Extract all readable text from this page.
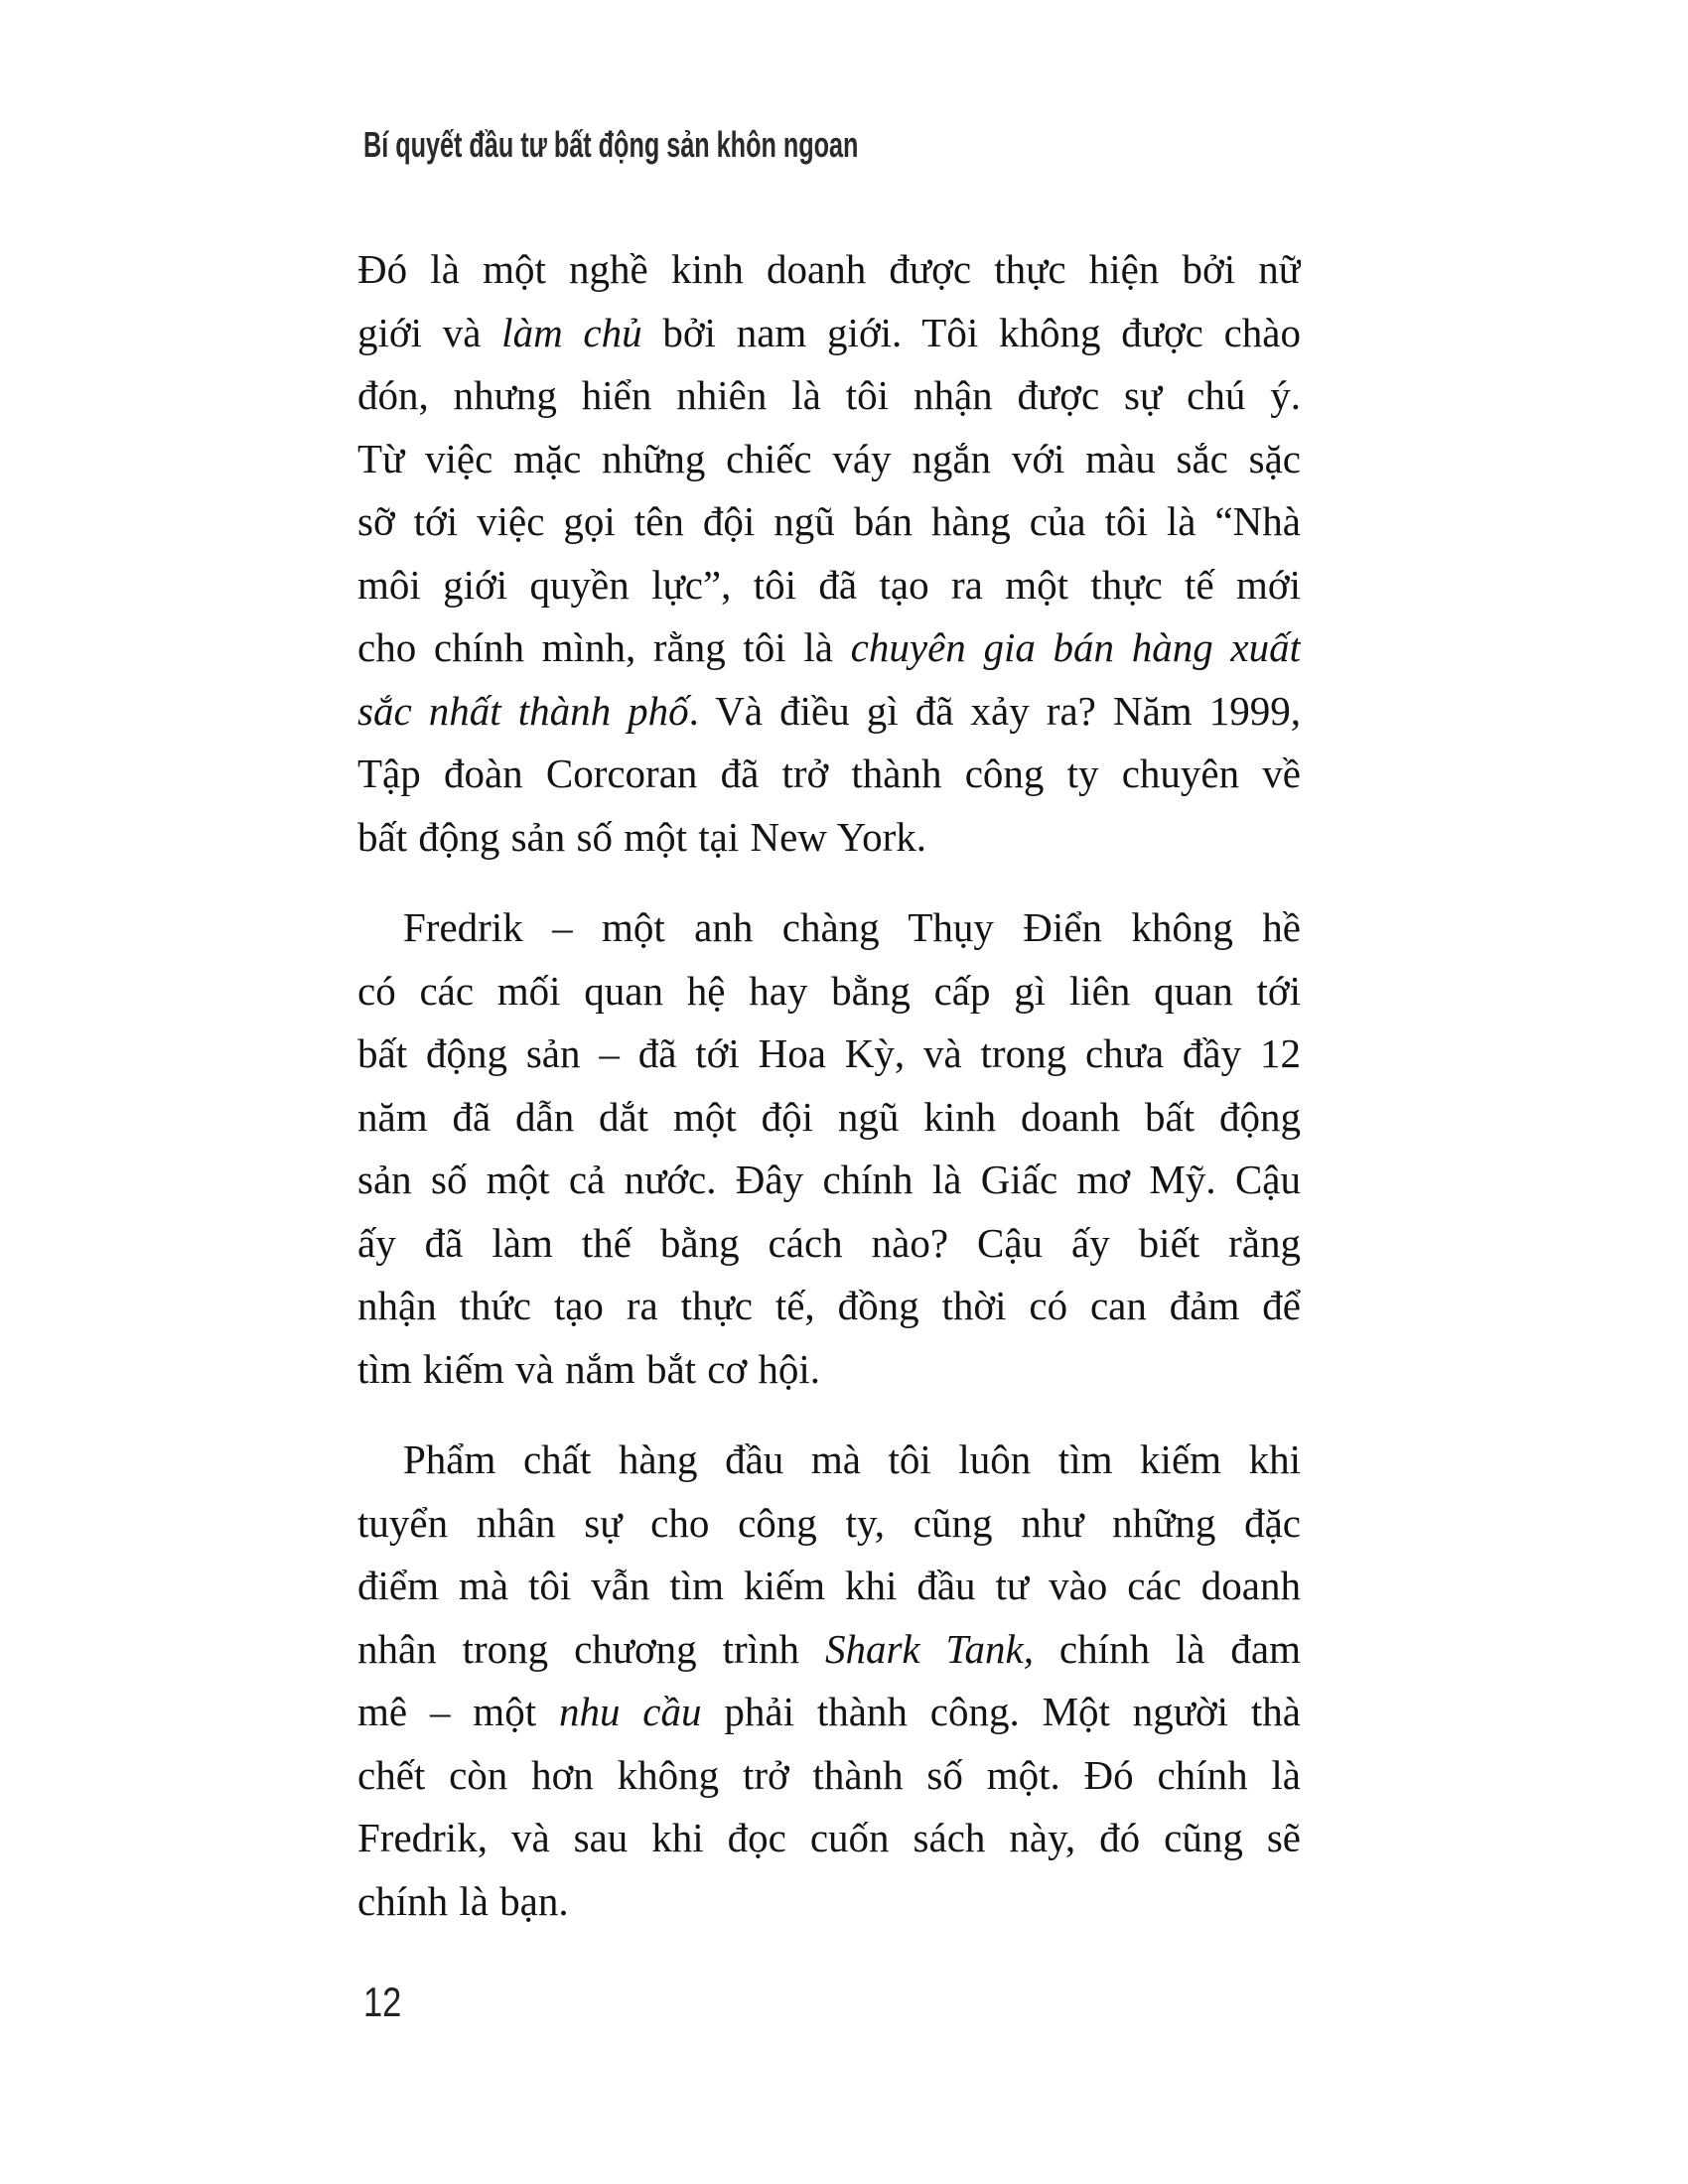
Bí quyết đầu tư bất động sản khôn ngoan
Đó là một nghề kinh doanh được thực hiện bởi nữ
giới và làm chủ bởi nam giới. Tôi không được chào
đón, nhưng hiển nhiên là tôi nhận được sự chú ý.
Từ việc mặc những chiếc váy ngắn với màu sắc sặc
sỡ tới việc gọi tên đội ngũ bán hàng của tôi là “Nhà
môi giới quyền lực”, tôi đã tạo ra một thực tế mới
cho chính mình, rằng tôi là chuyên gia bán hàng xuất
sắc nhất thành phố. Và điều gì đã xảy ra? Năm 1999,
Tập đoàn Corcoran đã trở thành công ty chuyên về
bất động sản số một tại New York.
Fredrik – một anh chàng Thụy Điển không hề
có các mối quan hệ hay bằng cấp gì liên quan tới
bất động sản – đã tới Hoa Kỳ, và trong chưa đầy 12
năm đã dẫn dắt một đội ngũ kinh doanh bất động
sản số một cả nước. Đây chính là Giấc mơ Mỹ. Cậu
ấy đã làm thế bằng cách nào? Cậu ấy biết rằng
nhận thức tạo ra thực tế, đồng thời có can đảm để
tìm kiếm và nắm bắt cơ hội.
Phẩm chất hàng đầu mà tôi luôn tìm kiếm khi
tuyển nhân sự cho công ty, cũng như những đặc
điểm mà tôi vẫn tìm kiếm khi đầu tư vào các doanh
nhân trong chương trình Shark Tank, chính là đam
mê – một nhu cầu phải thành công. Một người thà
chết còn hơn không trở thành số một. Đó chính là
Fredrik, và sau khi đọc cuốn sách này, đó cũng sẽ
chính là bạn.
12
